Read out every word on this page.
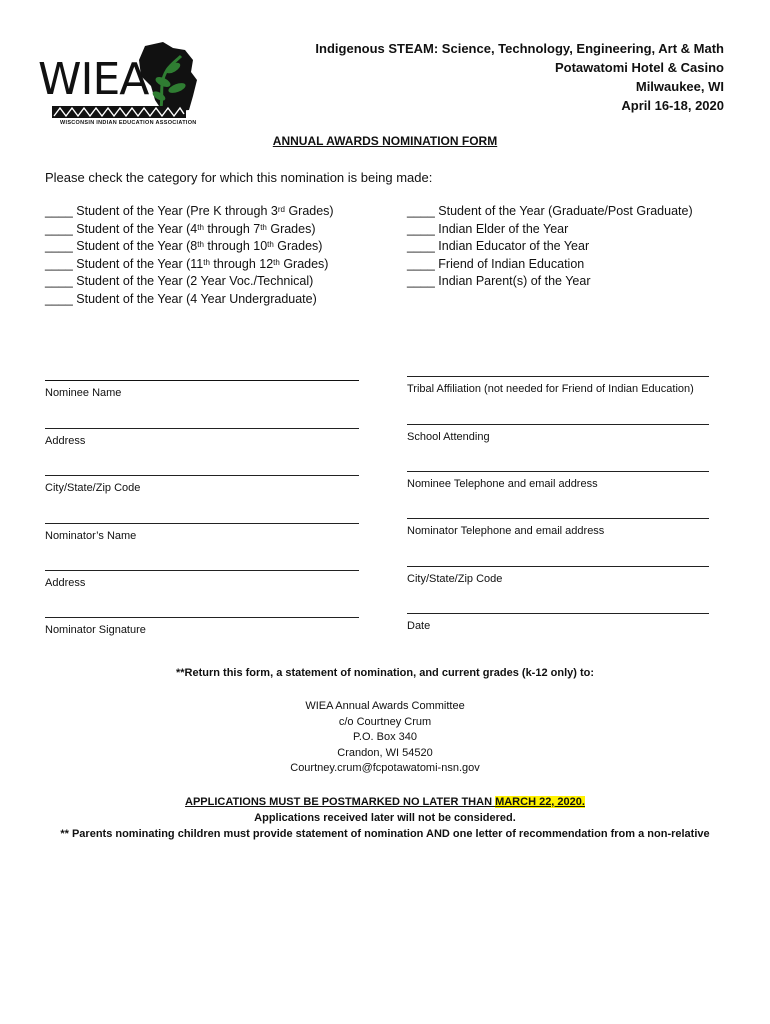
WIEA
WISCONSIN INDIAN EDUCATION ASSOCIATION
Indigenous STEAM: Science, Technology, Engineering, Art & Math
Potawatomi Hotel & Casino
Milwaukee, WI
April 16-18, 2020
ANNUAL AWARDS NOMINATION FORM
Please check the category for which this nomination is being made:
____ Student of the Year (Pre K through 3rd Grades)
____ Student of the Year (4th through 7th Grades)
____ Student of the Year (8th through 10th Grades)
____ Student of the Year (11th through 12th Grades)
____ Student of the Year (2 Year Voc./Technical)
____ Student of the Year (4 Year Undergraduate)
____ Student of the Year (Graduate/Post Graduate)
____ Indian Elder of the Year
____ Indian Educator of the Year
____ Friend of Indian Education
____ Indian Parent(s) of the Year
Nominee Name
Address
City/State/Zip Code
Nominator’s Name
Address
Nominator Signature
Tribal Affiliation (not needed for Friend of Indian Education)
School Attending
Nominee Telephone and email address
Nominator Telephone and email address
City/State/Zip Code
Date
**Return this form, a statement of nomination, and current grades (k-12 only) to:
WIEA Annual Awards Committee
c/o Courtney Crum
P.O. Box 340
Crandon, WI 54520
Courtney.crum@fcpotawatomi-nsn.gov
APPLICATIONS MUST BE POSTMARKED NO LATER THAN MARCH 22, 2020.
Applications received later will not be considered.
** Parents nominating children must provide statement of nomination AND one letter of recommendation from a non-relative
